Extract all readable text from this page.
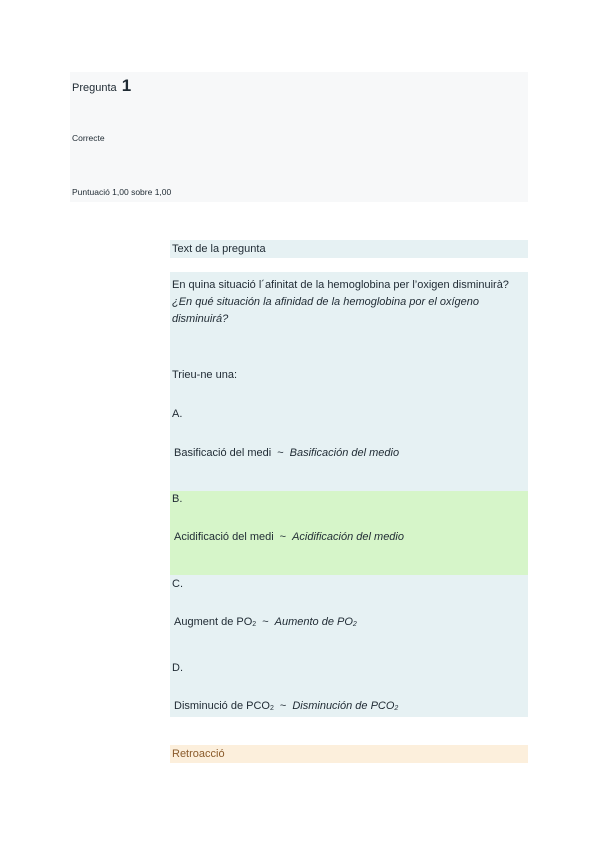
Pregunta 1
Correcte
Puntuació 1,00 sobre 1,00
Text de la pregunta
En quina situació l´afinitat de la hemoglobina per l’oxigen disminuirà?
¿En qué situación la afinidad de la hemoglobina por el oxígeno disminuirá?
Trieu-ne una:
A.
Basificació del medi ~ Basificación del medio
B.
Acidificació del medi ~ Acidificación del medio
C.
Augment de $PO_2$ ~ Aumento de $PO_2$
D.
Disminució de $PCO_2$ ~ Disminución de $PCO_2$
Retroacció
